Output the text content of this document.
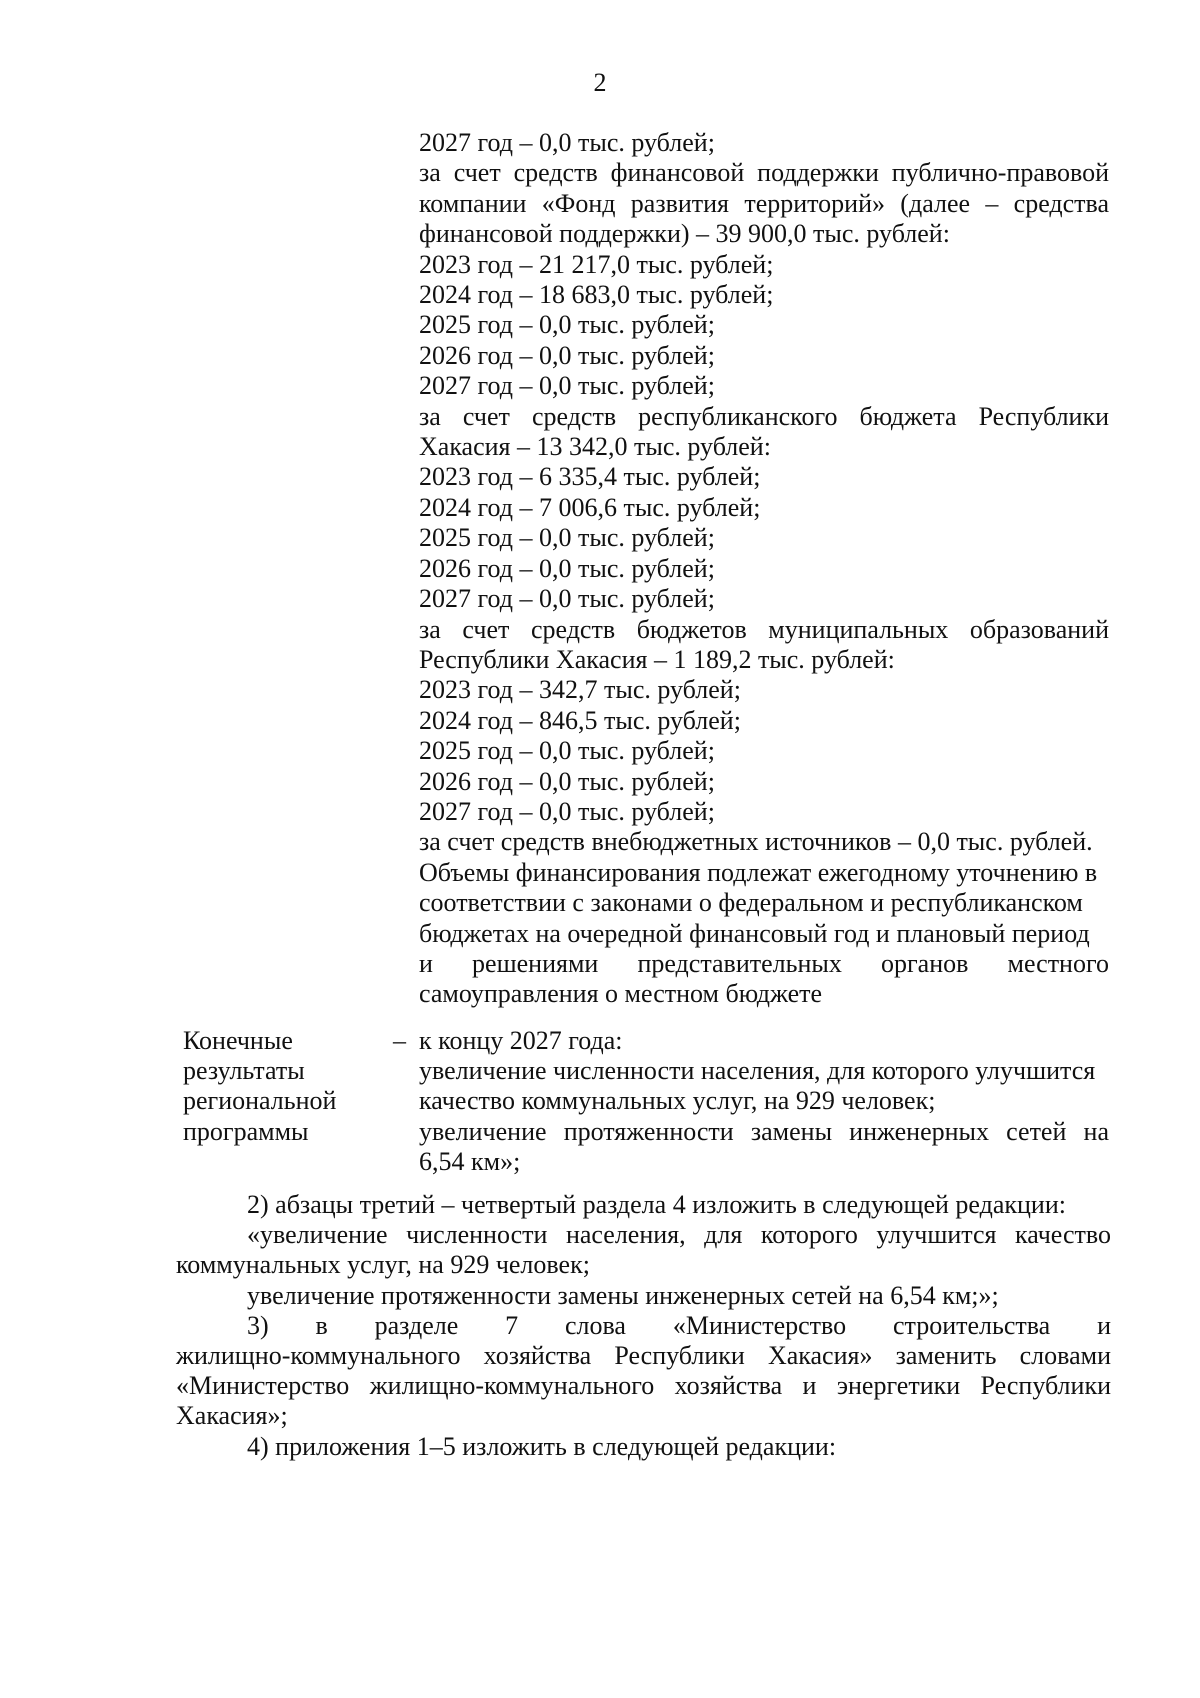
2
2027 год – 0,0 тыс. рублей;
за счет средств финансовой поддержки публично-правовой
компании «Фонд развития территорий» (далее – средства
финансовой поддержки) – 39 900,0 тыс. рублей:
2023 год – 21 217,0 тыс. рублей;
2024 год – 18 683,0 тыс. рублей;
2025 год – 0,0 тыс. рублей;
2026 год – 0,0 тыс. рублей;
2027 год – 0,0 тыс. рублей;
за счет средств республиканского бюджета Республики
Хакасия – 13 342,0 тыс. рублей:
2023 год – 6 335,4 тыс. рублей;
2024 год – 7 006,6 тыс. рублей;
2025 год – 0,0 тыс. рублей;
2026 год – 0,0 тыс. рублей;
2027 год – 0,0 тыс. рублей;
за счет средств бюджетов муниципальных образований
Республики Хакасия – 1 189,2 тыс. рублей:
2023 год – 342,7 тыс. рублей;
2024 год – 846,5 тыс. рублей;
2025 год – 0,0 тыс. рублей;
2026 год – 0,0 тыс. рублей;
2027 год – 0,0 тыс. рублей;
за счет средств внебюджетных источников – 0,0 тыс. рублей.
Объемы финансирования подлежат ежегодному уточнению в
соответствии с законами о федеральном и республиканском
бюджетах на очередной финансовый год и плановый период
и решениями представительных органов местного
самоуправления о местном бюджете
Конечные
результаты
региональной
программы
– к концу 2027 года:
увеличение численности населения, для которого улучшится
качество коммунальных услуг, на 929 человек;
увеличение протяженности замены инженерных сетей на
6,54 км»;
2) абзацы третий – четвертый раздела 4 изложить в следующей редакции:
«увеличение численности населения, для которого улучшится качество
коммунальных услуг, на 929 человек;
увеличение протяженности замены инженерных сетей на 6,54 км;»;
3) в разделе 7 слова «Министерство строительства и
жилищно-коммунального хозяйства Республики Хакасия» заменить словами
«Министерство жилищно-коммунального хозяйства и энергетики Республики
Хакасия»;
4) приложения 1–5 изложить в следующей редакции:
